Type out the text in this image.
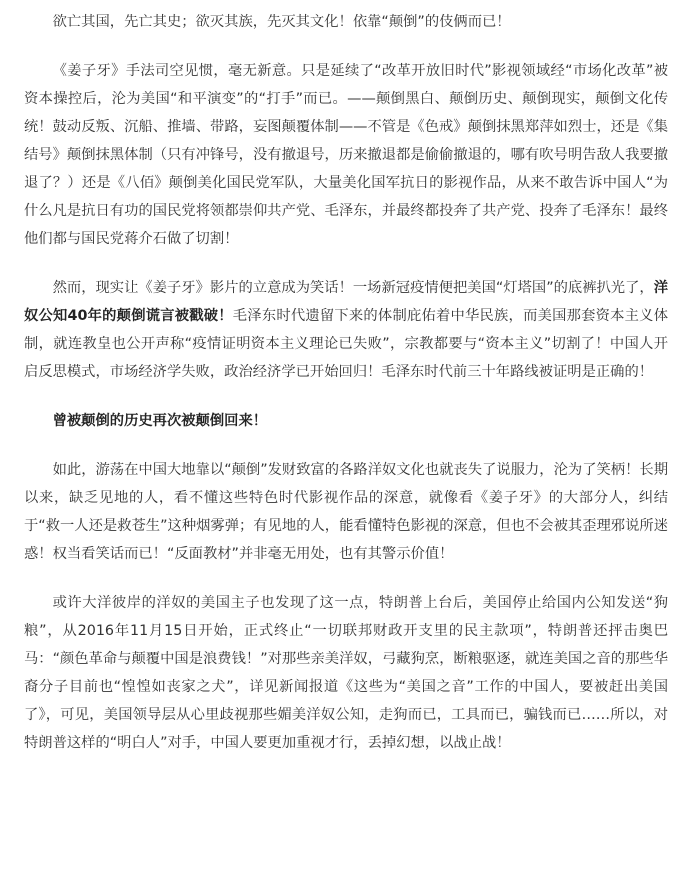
欲亡其国，先亡其史；欲灭其族，先灭其文化！依靠“颠倒”的伎俩而已！

《姜子牙》手法司空见惯，毫无新意。只是延续了“改革开放旧时代”影视领域经“市场化改革”被资本操控后，沦为美国“和平演变”的“打手”而已。——颠倒黑白、颠倒历史、颠倒现实，颠倒文化传统！鼓动反叛、沉船、推墙、带路，妄图颠覆体制——不管是《色戒》颠倒抹黑郑萍如烈士，还是《集结号》颠倒抹黑体制（只有冲锋号，没有撤退号，历来撤退都是偷偷撤退的，哪有吹号明告敌人我要撤退了？）还是《八佰》颠倒美化国民党军队，大量美化国军抗日的影视作品，从来不敢告诉中国人“为什么凡是抗日有功的国民党将领都崇仰共产党、毛泽东，并最终都投奔了共产党、投奔了毛泽东！最终他们都与国民党蒋介石做了切割！

然而，现实让《姜子牙》影片的立意成为笑话！一场新冠疫情便把美国“灯塔国”的底裤扒光了，洋奴公知40年的颠倒谎言被戳破！毛泽东时代遗留下来的体制庇佑着中华民族，而美国那套资本主义体制，就连教皇也公开声称“疫情证明资本主义理论已失败”，宗教都要与“资本主义”切割了！中国人开启反思模式，市场经济学失败，政治经济学已开始回归！毛泽东时代前三十年路线被证明是正确的！

曾被颠倒的历史再次被颠倒回来！

如此，游荡在中国大地靠以“颠倒”发财致富的各路洋奴文化也就丧失了说服力，沦为了笑柄！长期以来，缺乏见地的人，看不懂这些特色时代影视作品的深意，就像看《姜子牙》的大部分人，纠结于“救一人还是救苍生”这种烟雾弹；有见地的人，能看懂特色影视的深意，但也不会被其歪理邪说所迷惑！权当看笑话而已！“反面教材”并非毫无用处，也有其警示价值！

或许大洋彼岸的洋奴的美国主子也发现了这一点，特朗普上台后，美国停止给国内公知发送“狗粮”，从2016年11月15日开始，正式终止“一切联邦财政开支里的民主款项”，特朗普还抨击奥巴马：“颜色革命与颠覆中国是浪费钱！”对那些亲美洋奴，弓藏狗烹，断粮驱逐，就连美国之音的那些华裔分子目前也“惶惶如丧家之犬”，详见新闻报道《这些为“美国之音”工作的中国人，要被赶出美国了》，可见，美国领导层从心里歧视那些媚美洋奴公知，走狗而已，工具而已，骗钱而已……所以，对特朗普这样的“明白人”对手，中国人要更加重视才行，丢掉幻想，以战止战！
